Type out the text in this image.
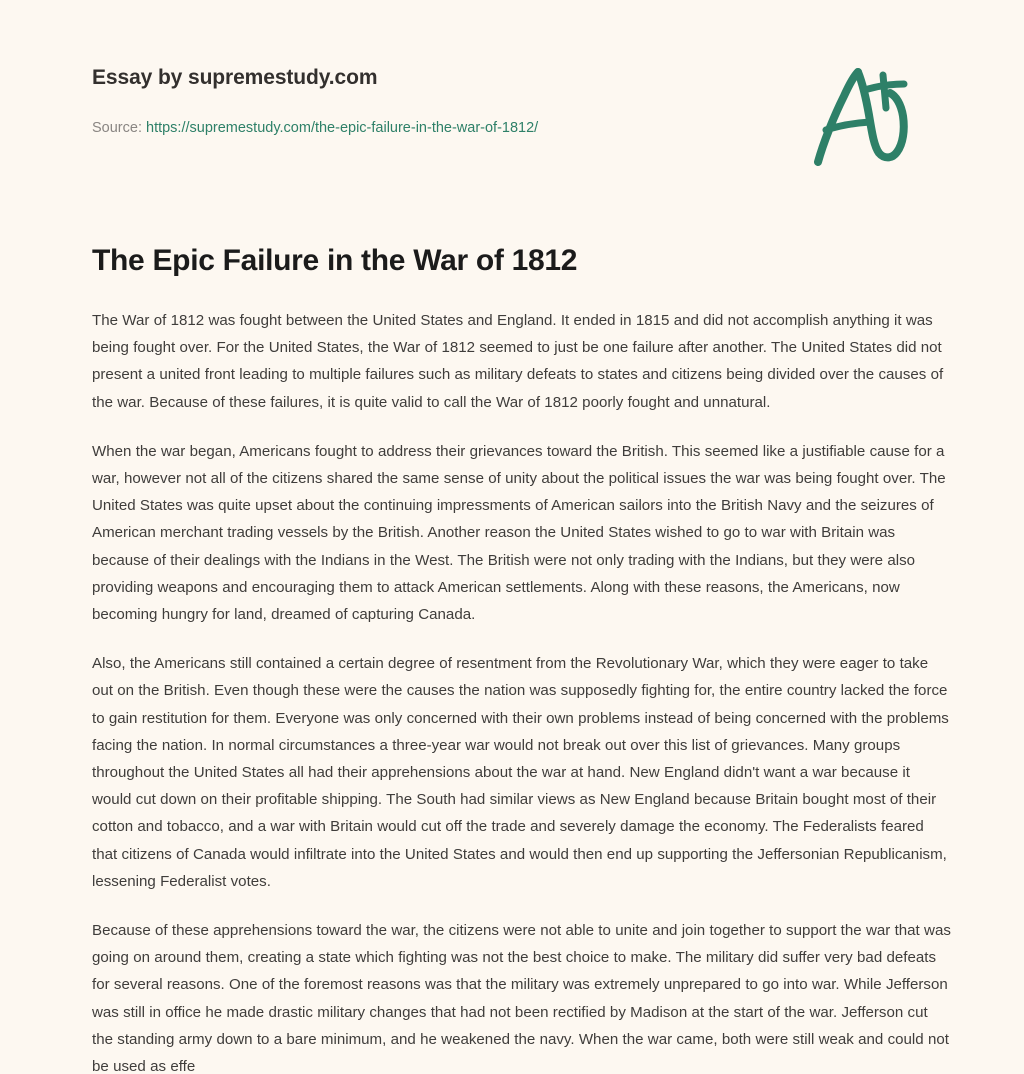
Essay by supremestudy.com
Source: https://supremestudy.com/the-epic-failure-in-the-war-of-1812/
The Epic Failure in the War of 1812

The War of 1812 was fought between the United States and England. It ended in 1815 and did not accomplish anything it was being fought over. For the United States, the War of 1812 seemed to just be one failure after another. The United States did not present a united front leading to multiple failures such as military defeats to states and citizens being divided over the causes of the war. Because of these failures, it is quite valid to call the War of 1812 poorly fought and unnatural.

When the war began, Americans fought to address their grievances toward the British. This seemed like a justifiable cause for a war, however not all of the citizens shared the same sense of unity about the political issues the war was being fought over. The United States was quite upset about the continuing impressments of American sailors into the British Navy and the seizures of American merchant trading vessels by the British. Another reason the United States wished to go to war with Britain was because of their dealings with the Indians in the West. The British were not only trading with the Indians, but they were also providing weapons and encouraging them to attack American settlements. Along with these reasons, the Americans, now becoming hungry for land, dreamed of capturing Canada.

Also, the Americans still contained a certain degree of resentment from the Revolutionary War, which they were eager to take out on the British. Even though these were the causes the nation was supposedly fighting for, the entire country lacked the force to gain restitution for them. Everyone was only concerned with their own problems instead of being concerned with the problems facing the nation. In normal circumstances a three-year war would not break out over this list of grievances. Many groups throughout the United States all had their apprehensions about the war at hand. New England didn't want a war because it would cut down on their profitable shipping. The South had similar views as New England because Britain bought most of their cotton and tobacco, and a war with Britain would cut off the trade and severely damage the economy. The Federalists feared that citizens of Canada would infiltrate into the United States and would then end up supporting the Jeffersonian Republicanism, lessening Federalist votes.

Because of these apprehensions toward the war, the citizens were not able to unite and join together to support the war that was going on around them, creating a state which fighting was not the best choice to make. The military did suffer very bad defeats for several reasons. One of the foremost reasons was that the military was extremely unprepared to go into war. While Jefferson was still in office he made drastic military changes that had not been rectified by Madison at the start of the war. Jefferson cut the standing army down to a bare minimum, and he weakened the navy. When the war came, both were still weak and could not be used as effe
